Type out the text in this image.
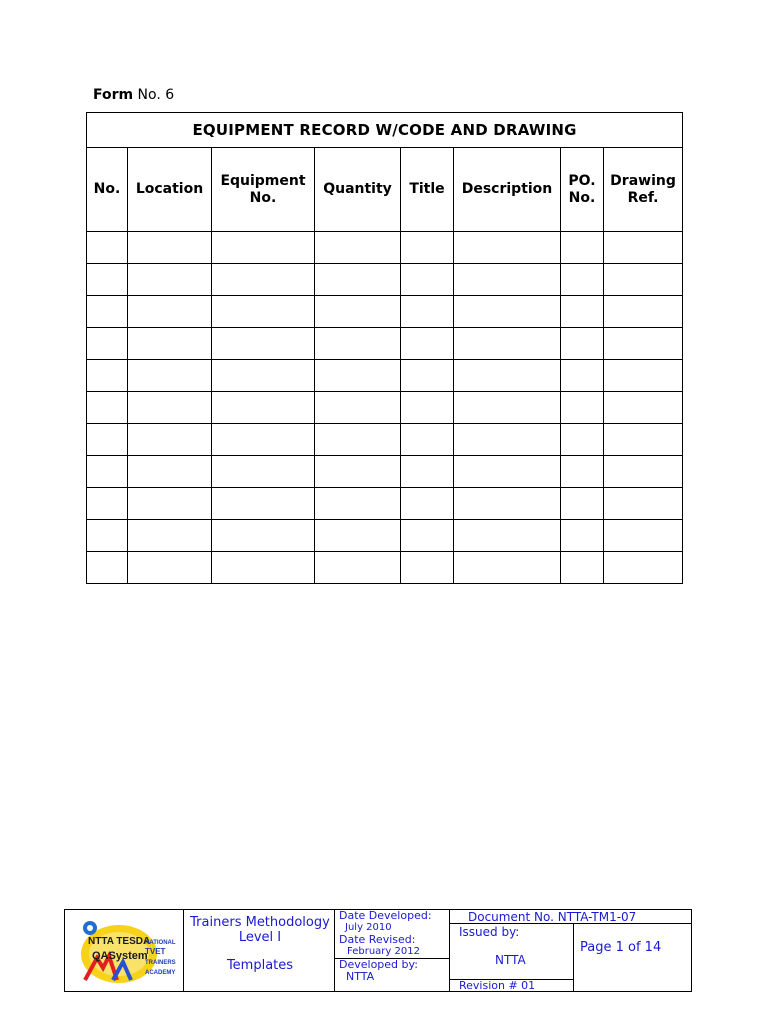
Form No. 6
EQUIPMENT RECORD W/CODE AND DRAWING							
No.	Location	Equipment No.	Quantity	Title	Description	PO. No.	Drawing Ref.

NTTA TESDA
QASystem
NATIONAL
TVET
TRAINERS
ACADEMY
Trainers Methodology Level I
Templates
Date Developed:
July 2010
Date Revised:
February 2012
Developed by:
NTTA
Document No. NTTA-TM1-07
Issued by:
NTTA
Revision # 01
Page 1 of 14
